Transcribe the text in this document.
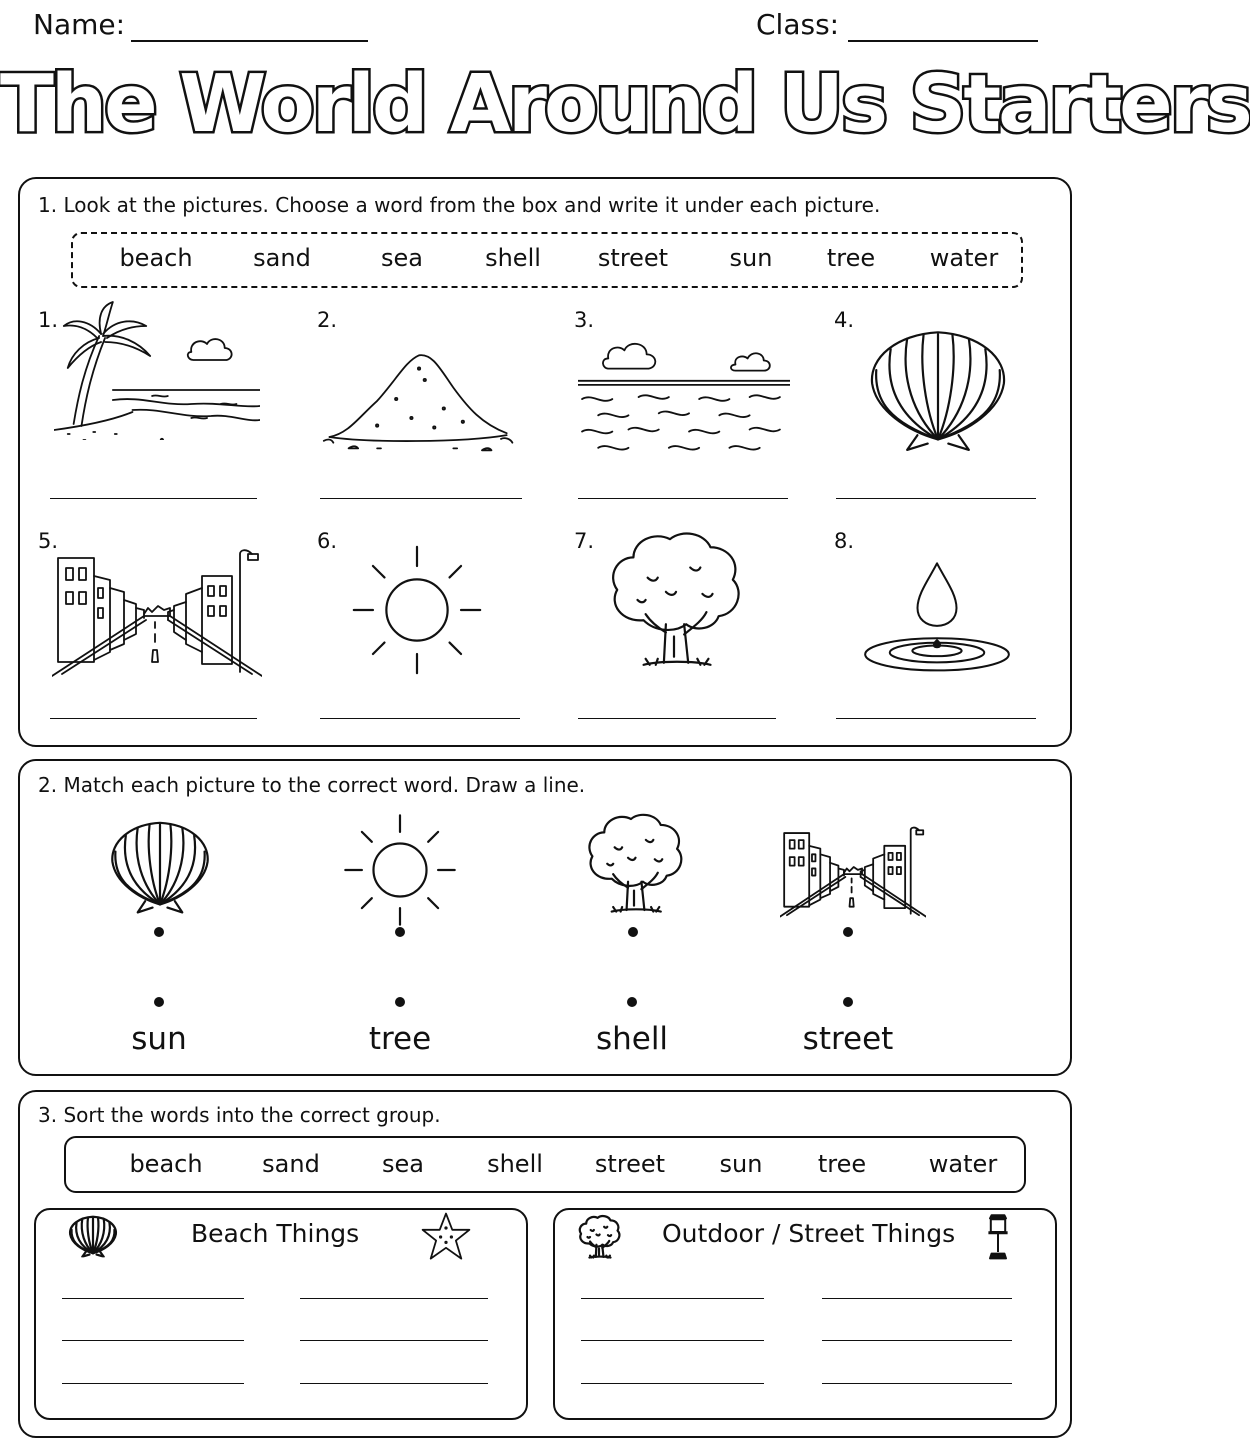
Name:	Class:
The World Around Us Starters
1. Look at the pictures. Choose a word from the box and write it under each picture.
beach	sand	sea	shell street	sun tree water
1.	2.	3.	4.
5.	6.	7.	8.
2. Match each picture to the correct word. Draw a line.
sun	tree	shell	street
3. Sort the words into the correct group.
beach sand	sea	shell street sun tree	water
Beach Things	Outdoor / Street Things
